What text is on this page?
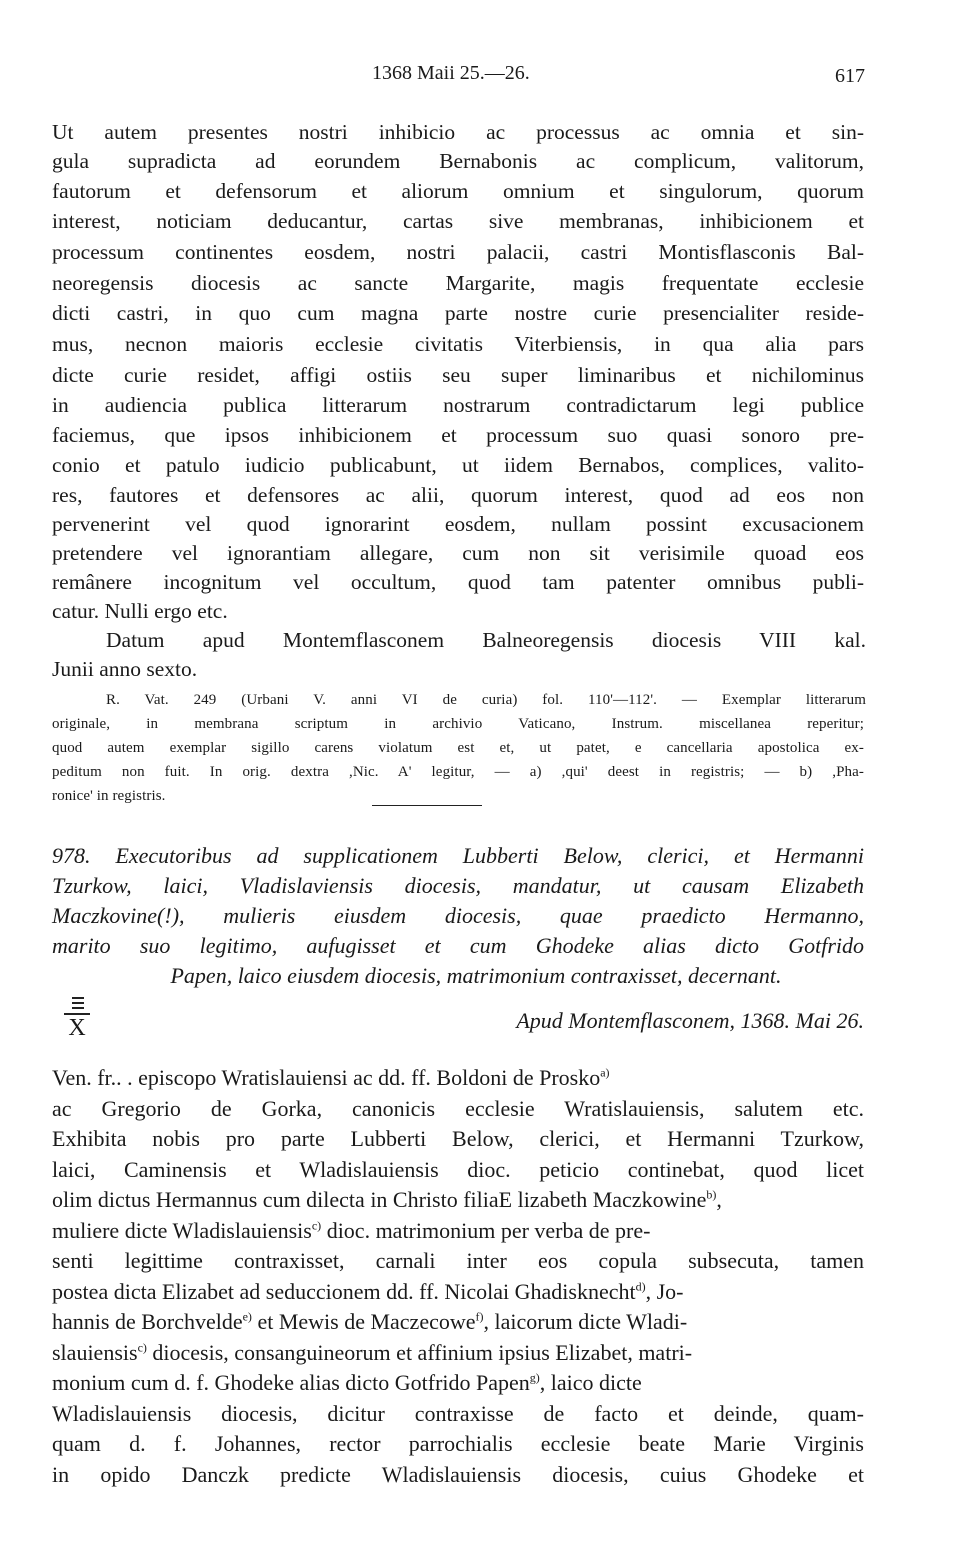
1368 Maii 25.—26.	617
Ut autem presentes nostri inhibicio ac processus ac omnia et sin-
gula supradicta ad eorundem Bernabonis ac complicum, valitorum,
fautorum et defensorum et aliorum omnium et singulorum, quorum
interest, noticiam deducantur, cartas sive membranas, inhibicionem et
processum continentes eosdem, nostri palacii, castri Montisflasconis Bal-
neoregensis diocesis ac sancte Margarite, magis frequentate ecclesie
dicti castri, in quo cum magna parte nostre curie presencialiter reside-
mus, necnon maioris ecclesie civitatis Viterbiensis, in qua alia pars
dicte curie residet, affigi ostiis seu super liminaribus et nichilominus
in audiencia publica litterarum nostrarum contradictarum legi publice
faciemus, que ipsos inhibicionem et processum suo quasi sonoro pre-
conio et patulo iudicio publicabunt, ut iidem Bernabos, complices, valito-
res, fautores et defensores ac alii, quorum interest, quod ad eos non
pervenerint vel quod ignorarint eosdem, nullam possint excusacionem
pretendere vel ignorantiam allegare, cum non sit verisimile quoad eos
remânere incognitum vel occultum, quod tam patenter omnibus publi-
catur. Nulli ergo etc.
Datum apud Montemflasconem Balneoregensis diocesis VIII kal.
Junii anno sexto.
R. Vat. 249 (Urbani V. anni VI de curia) fol. 110'—112'. — Exemplar litterarum
originale, in membrana scriptum in archivio Vaticano, Instrum. miscellanea reperitur;
quod autem exemplar sigillo carens violatum est et, ut patet, e cancellaria apostolica ex-
peditum non fuit. In orig. dextra ,Nic. A' legitur, — a) ,qui' deest in registris; — b) ,Pha-
ronice' in registris.
978. Executoribus ad supplicationem Lubberti Below, clerici, et Hermanni
Tzurkow, laici, Vladislaviensis diocesis, mandatur, ut causam Elizabeth
Maczkovine(!), mulieris eiusdem diocesis, quae praedicto Hermanno,
marito suo legitimo, aufugisset et cum Ghodeke alias dicto Gotfrido
Papen, laico eiusdem diocesis, matrimonium contraxisset, decernant.
X	Apud Montemflasconem, 1368. Mai 26.
Ven. fr.. . episcopo Wratislauiensi ac dd. ff. Boldoni de Prosko$^{a)}$
ac Gregorio de Gorka, canonicis ecclesie Wratislauiensis, salutem etc.
Exhibita nobis pro parte Lubberti Below, clerici, et Hermanni Tzurkow,
laici, Caminensis et Wladislauiensis dioc. peticio continebat, quod licet
olim dictus Hermannus cum dilecta in Christo filiaE lizabeth Maczkowine$^{b)}$,
muliere dicte Wladislauiensis$^{c)}$ dioc. matrimonium per verba de pre-
senti legittime contraxisset, carnali inter eos copula subsecuta, tamen
postea dicta Elizabet ad seduccionem dd. ff. Nicolai Ghadisknecht$^{d)}$, Jo-
hannis de Borchvelde$^{e)}$ et Mewis de Maczecowe$^{f)}$, laicorum dicte Wladi-
slauiensis$^{c)}$ diocesis, consanguineorum et affinium ipsius Elizabet, matri-
monium cum d. f. Ghodeke alias dicto Gotfrido Papen$^{g)}$, laico dicte
Wladislauiensis diocesis, dicitur contraxisse de facto et deinde, quam-
quam d. f. Johannes, rector parrochialis ecclesie beate Marie Virginis
in opido Danczk predicte Wladislauiensis diocesis, cuius Ghodeke et
